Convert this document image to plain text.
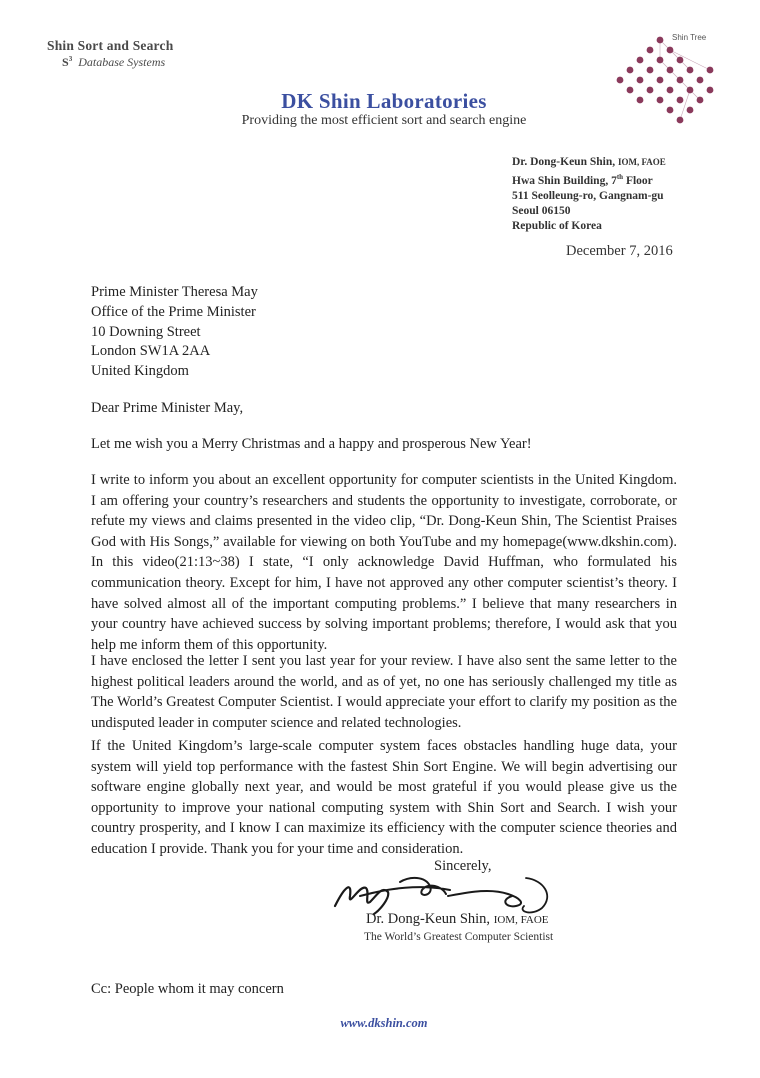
Shin Sort and Search
$S^3$ Database Systems
DK Shin Laboratories
Providing the most efficient sort and search engine
Shin Tree
Dr. Dong-Keun Shin, IOM, FAOE
Hwa Shin Building, 7th Floor
511 Seolleung-ro, Gangnam-gu
Seoul 06150
Republic of Korea
December 7, 2016
Prime Minister Theresa May
Office of the Prime Minister
10 Downing Street
London SW1A 2AA
United Kingdom
Dear Prime Minister May,
Let me wish you a Merry Christmas and a happy and prosperous New Year!
I write to inform you about an excellent opportunity for computer scientists in the United Kingdom. I am offering your country’s researchers and students the opportunity to investigate, corroborate, or refute my views and claims presented in the video clip, “Dr. Dong-Keun Shin, The Scientist Praises God with His Songs,” available for viewing on both YouTube and my homepage(www.dkshin.com). In this video(21:13~38) I state, “I only acknowledge David Huffman, who formulated his communication theory. Except for him, I have not approved any other computer scientist’s theory. I have solved almost all of the important computing problems.” I believe that many researchers in your country have achieved success by solving important problems; therefore, I would ask that you help me inform them of this opportunity.
I have enclosed the letter I sent you last year for your review. I have also sent the same letter to the highest political leaders around the world, and as of yet, no one has seriously challenged my title as The World’s Greatest Computer Scientist. I would appreciate your effort to clarify my position as the undisputed leader in computer science and related technologies.
If the United Kingdom’s large-scale computer system faces obstacles handling huge data, your system will yield top performance with the fastest Shin Sort Engine. We will begin advertising our software engine globally next year, and would be most grateful if you would please give us the opportunity to improve your national computing system with Shin Sort and Search. I wish your country prosperity, and I know I can maximize its efficiency with the computer science theories and education I provide. Thank you for your time and consideration.
Sincerely,
Dr. Dong-Keun Shin, IOM, FAOE
The World’s Greatest Computer Scientist
Cc: People whom it may concern
www.dkshin.com
